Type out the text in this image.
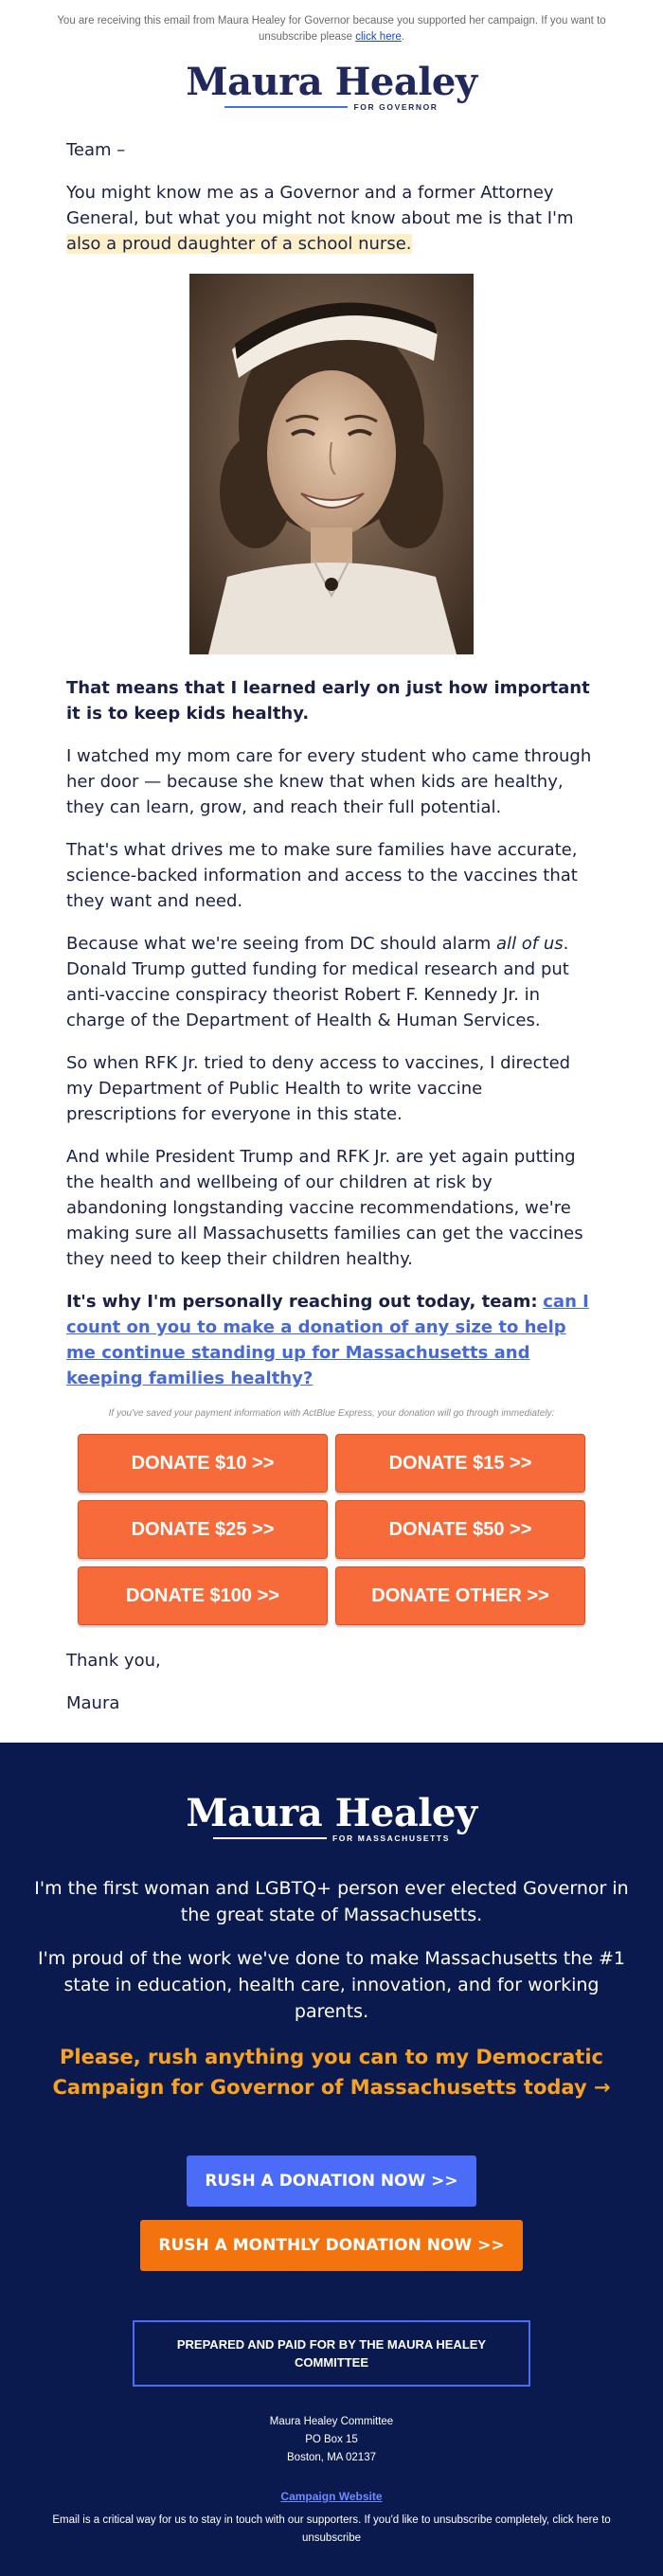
You are receiving this email from Maura Healey for Governor because you supported her campaign. If you want to unsubscribe please click here.
Maura Healey
FOR GOVERNOR

Team –

You might know me as a Governor and a former Attorney General, but what you might not know about me is that I'm also a proud daughter of a school nurse.

That means that I learned early on just how important it is to keep kids healthy.

I watched my mom care for every student who came through her door — because she knew that when kids are healthy, they can learn, grow, and reach their full potential.

That's what drives me to make sure families have accurate, science-backed information and access to the vaccines that they want and need.

Because what we're seeing from DC should alarm all of us. Donald Trump gutted funding for medical research and put anti-vaccine conspiracy theorist Robert F. Kennedy Jr. in charge of the Department of Health & Human Services.

So when RFK Jr. tried to deny access to vaccines, I directed my Department of Public Health to write vaccine prescriptions for everyone in this state.

And while President Trump and RFK Jr. are yet again putting the health and wellbeing of our children at risk by abandoning longstanding vaccine recommendations, we're making sure all Massachusetts families can get the vaccines they need to keep their children healthy.

It's why I'm personally reaching out today, team: can I count on you to make a donation of any size to help me continue standing up for Massachusetts and keeping families healthy?

If you've saved your payment information with ActBlue Express, your donation will go through immediately:
DONATE $10 >>	DONATE $15 >>
DONATE $25 >>	DONATE $50 >>
DONATE $100 >>	DONATE OTHER >>

Thank you,

Maura

Maura Healey
FOR MASSACHUSETTS

I'm the first woman and LGBTQ+ person ever elected Governor in the great state of Massachusetts.

I'm proud of the work we've done to make Massachusetts the #1 state in education, health care, innovation, and for working parents.

Please, rush anything you can to my Democratic Campaign for Governor of Massachusetts today →
RUSH A DONATION NOW >>
RUSH A MONTHLY DONATION NOW >>
PREPARED AND PAID FOR BY THE MAURA HEALEY COMMITTEE
Maura Healey Committee
PO Box 15
Boston, MA 02137
Campaign Website
Email is a critical way for us to stay in touch with our supporters. If you'd like to unsubscribe completely, click here to unsubscribe
